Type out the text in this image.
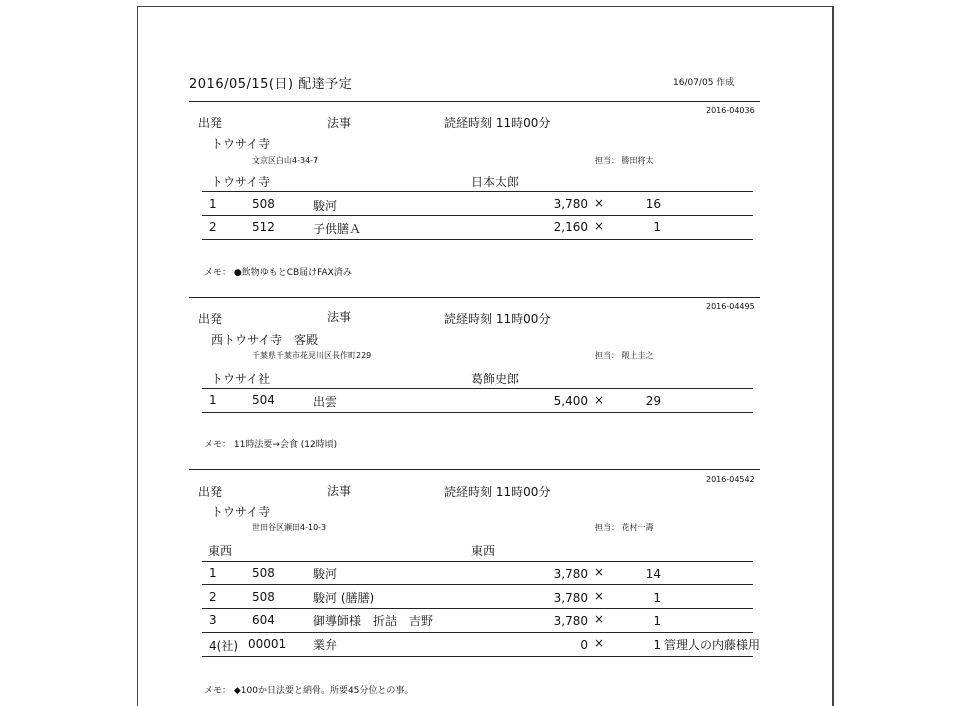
2016/05/15(日) 配達予定	16/07/05 作成
2016-04036
出発	法事	読経時刻 11時00分
トウサイ寺
文京区白山4-34-7	担当： 勝田将太
トウサイ寺	日本太郎
1	508	駿河	3,780 ×	16
2	512	子供膳Ａ	2,160 ×	1
メモ： ●飲物ゆもとCB届けFAX済み
2016-04495
出発	法事	読経時刻 11時00分
西トウサイ寺　客殿
千葉県千葉市花見川区長作町229	担当： 隈上圭之
トウサイ社	葛飾史郎
1	504	出雲	5,400 ×	29
メモ： 11時法要→会食 (12時頃)
2016-04542
出発	法事	読経時刻 11時00分
トウサイ寺
世田谷区瀬田4-10-3	担当： 花村一壽
東西	東西
1	508	駿河	3,780 ×	14
2	508	駿河 (膳膳)	3,780 ×	1
3	604	御導師様　折詰　吉野	3,780 ×	1
4(社) 00001 業弁	0 ×	1 管理人の内藤様用
メモ： ◆100か日法要と納骨。所要45分位との事。
